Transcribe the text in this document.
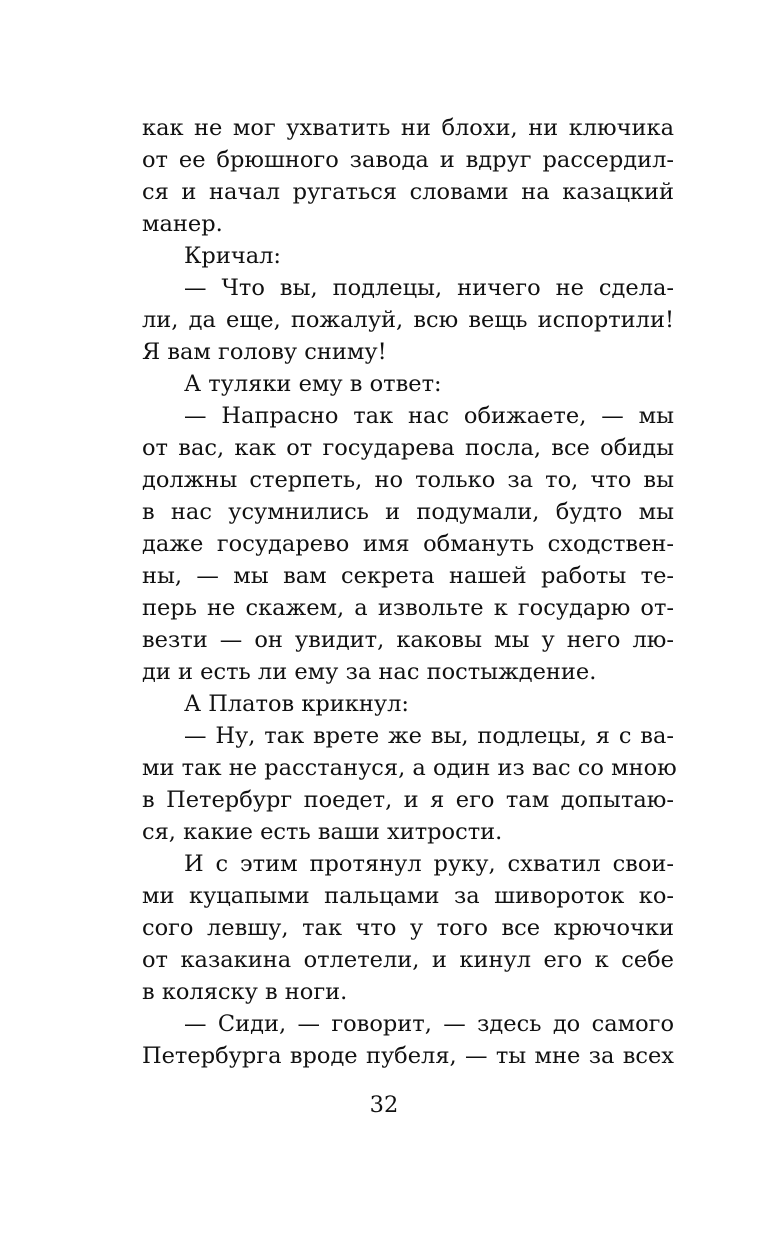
как не мог ухватить ни блохи, ни ключика
от ее брюшного завода и вдруг рассердил-
ся и начал ругаться словами на казацкий
манер.
Кричал:
— Что вы, подлецы, ничего не сдела-
ли, да еще, пожалуй, всю вещь испортили!
Я вам голову сниму!
А туляки ему в ответ:
— Напрасно так нас обижаете, — мы
от вас, как от государева посла, все обиды
должны стерпеть, но только за то, что вы
в нас усумнились и подумали, будто мы
даже государево имя обмануть сходствен-
ны, — мы вам секрета нашей работы те-
перь не скажем, а извольте к государю от-
везти — он увидит, каковы мы у него лю-
ди и есть ли ему за нас постыждение.
А Платов крикнул:
— Ну, так врете же вы, подлецы, я с ва-
ми так не расстануся, а один из вас со мною
в Петербург поедет, и я его там допытаю-
ся, какие есть ваши хитрости.
И с этим протянул руку, схватил свои-
ми куцапыми пальцами за шивороток ко-
сого левшу, так что у того все крючочки
от казакина отлетели, и кинул его к себе
в коляску в ноги.
— Сиди, — говорит, — здесь до самого
Петербурга вроде пубеля, — ты мне за всех
32
